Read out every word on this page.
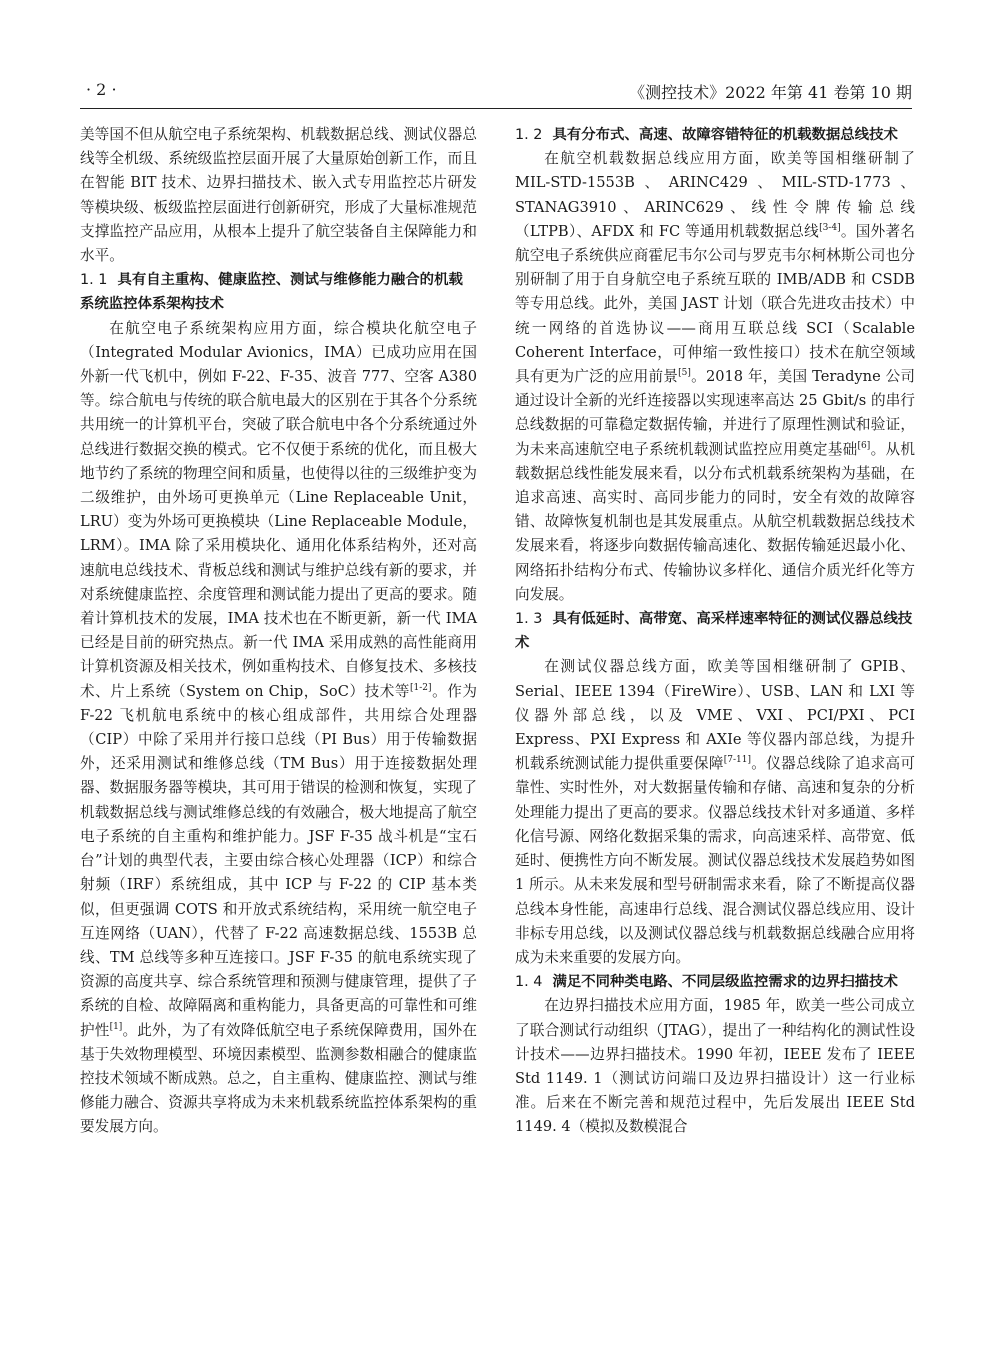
· 2 ·	《测控技术》2022 年第 41 卷第 10 期

美等国不但从航空电子系统架构、机载数据总线、测试仪器总线等全机级、系统级监控层面开展了大量原始创新工作，而且在智能 BIT 技术、边界扫描技术、嵌入式专用监控芯片研发等模块级、板级监控层面进行创新研究，形成了大量标准规范支撑监控产品应用，从根本上提升了航空装备自主保障能力和水平。

1. 1 具有自主重构、健康监控、测试与维修能力融合的机载系统监控体系架构技术

在航空电子系统架构应用方面，综合模块化航空电子（Integrated Modular Avionics，IMA）已成功应用在国外新一代飞机中，例如 F-22、F-35、波音 777、空客 A380 等。综合航电与传统的联合航电最大的区别在于其各个分系统共用统一的计算机平台，突破了联合航电中各个分系统通过外总线进行数据交换的模式。它不仅便于系统的优化，而且极大地节约了系统的物理空间和质量，也使得以往的三级维护变为二级维护，由外场可更换单元（Line Replaceable Unit，LRU）变为外场可更换模块（Line Replaceable Module，LRM）。IMA 除了采用模块化、通用化体系结构外，还对高速航电总线技术、背板总线和测试与维护总线有新的要求，并对系统健康监控、余度管理和测试能力提出了更高的要求。随着计算机技术的发展，IMA 技术也在不断更新，新一代 IMA 已经是目前的研究热点。新一代 IMA 采用成熟的高性能商用计算机资源及相关技术，例如重构技术、自修复技术、多核技术、片上系统（System on Chip，SoC）技术等[1-2]。作为 F-22 飞机航电系统中的核心组成部件，共用综合处理器（CIP）中除了采用并行接口总线（PI Bus）用于传输数据外，还采用测试和维修总线（TM Bus）用于连接数据处理器、数据服务器等模块，其可用于错误的检测和恢复，实现了机载数据总线与测试维修总线的有效融合，极大地提高了航空电子系统的自主重构和维护能力。JSF F-35 战斗机是“宝石台”计划的典型代表，主要由综合核心处理器（ICP）和综合射频（IRF）系统组成，其中 ICP 与 F-22 的 CIP 基本类似，但更强调 COTS 和开放式系统结构，采用统一航空电子互连网络（UAN），代替了 F-22 高速数据总线、1553B 总线、TM 总线等多种互连接口。JSF F-35 的航电系统实现了资源的高度共享、综合系统管理和预测与健康管理，提供了子系统的自检、故障隔离和重构能力，具备更高的可靠性和可维护性[1]。此外，为了有效降低航空电子系统保障费用，国外在基于失效物理模型、环境因素模型、监测参数相融合的健康监控技术领域不断成熟。总之，自主重构、健康监控、测试与维修能力融合、资源共享将成为未来机载系统监控体系架构的重要发展方向。

1. 2 具有分布式、高速、故障容错特征的机载数据总线技术

在航空机载数据总线应用方面，欧美等国相继研制了 MIL-STD-1553B、ARINC429、MIL-STD-1773、STANAG3910、ARINC629、线性令牌传输总线（LTPB）、AFDX 和 FC 等通用机载数据总线[3-4]。国外著名航空电子系统供应商霍尼韦尔公司与罗克韦尔柯林斯公司也分别研制了用于自身航空电子系统互联的 IMB/ADB 和 CSDB 等专用总线。此外，美国 JAST 计划（联合先进攻击技术）中统一网络的首选协议——商用互联总线 SCI（Scalable Coherent Interface，可伸缩一致性接口）技术在航空领域具有更为广泛的应用前景[5]。2018 年，美国 Teradyne 公司通过设计全新的光纤连接器以实现速率高达 25 Gbit/s 的串行总线数据的可靠稳定数据传输，并进行了原理性测试和验证，为未来高速航空电子系统机载测试监控应用奠定基础[6]。从机载数据总线性能发展来看，以分布式机载系统架构为基础，在追求高速、高实时、高同步能力的同时，安全有效的故障容错、故障恢复机制也是其发展重点。从航空机载数据总线技术发展来看，将逐步向数据传输高速化、数据传输延迟最小化、网络拓扑结构分布式、传输协议多样化、通信介质光纤化等方向发展。

1. 3 具有低延时、高带宽、高采样速率特征的测试仪器总线技术

在测试仪器总线方面，欧美等国相继研制了 GPIB、Serial、IEEE 1394（FireWire）、USB、LAN 和 LXI 等仪器外部总线，以及 VME、VXI、PCI/PXI、PCI Express、PXI Express 和 AXIe 等仪器内部总线，为提升机载系统测试能力提供重要保障[7-11]。仪器总线除了追求高可靠性、实时性外，对大数据量传输和存储、高速和复杂的分析处理能力提出了更高的要求。仪器总线技术针对多通道、多样化信号源、网络化数据采集的需求，向高速采样、高带宽、低延时、便携性方向不断发展。测试仪器总线技术发展趋势如图 1 所示。从未来发展和型号研制需求来看，除了不断提高仪器总线本身性能，高速串行总线、混合测试仪器总线应用、设计非标专用总线，以及测试仪器总线与机载数据总线融合应用将成为未来重要的发展方向。

1. 4 满足不同种类电路、不同层级监控需求的边界扫描技术

在边界扫描技术应用方面，1985 年，欧美一些公司成立了联合测试行动组织（JTAG），提出了一种结构化的测试性设计技术——边界扫描技术。1990 年初，IEEE 发布了 IEEE Std 1149. 1（测试访问端口及边界扫描设计）这一行业标准。后来在不断完善和规范过程中，先后发展出 IEEE Std 1149. 4（模拟及数模混合
